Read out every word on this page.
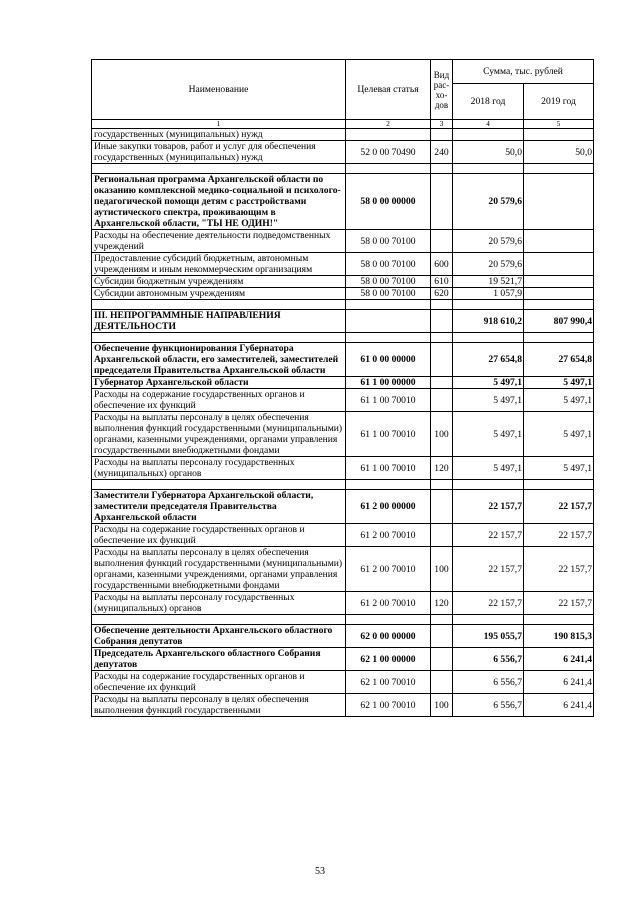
Наименование	Целевая статья	Вид рас-хо-дов	Сумма, тыс. рублей	
			2018 год	2019 год
1	2	3	4	5
государственных (муниципальных) нужд				
Иные закупки товаров, работ и услуг для обеспечения государственных (муниципальных) нужд	52 0 00 70490	240	50,0	50,0

Региональная программа Архангельской области по оказанию комплексной медико-социальной и психолого-педагогической помощи детям с расстройствами аутистического спектра, проживающим в Архангельской области, "ТЫ НЕ ОДИН!"	58 0 00 00000		20 579,6	
Расходы на обеспечение деятельности подведомственных учреждений	58 0 00 70100		20 579,6	
Предоставление субсидий бюджетным, автономным учреждениям и иным некоммерческим организациям	58 0 00 70100	600	20 579,6	
Субсидии бюджетным учреждениям	58 0 00 70100	610	19 521,7	
Субсидии автономным учреждениям	58 0 00 70100	620	1 057,9	

III. НЕПРОГРАММНЫЕ НАПРАВЛЕНИЯ ДЕЯТЕЛЬНОСТИ			918 610,2	807 990,4

Обеспечение функционирования Губернатора Архангельской области, его заместителей, заместителей председателя Правительства Архангельской области	61 0 00 00000		27 654,8	27 654,8
Губернатор Архангельской области	61 1 00 00000		5 497,1	5 497,1
Расходы на содержание государственных органов и обеспечение их функций	61 1 00 70010		5 497,1	5 497,1
Расходы на выплаты персоналу в целях обеспечения выполнения функций государственными (муниципальными) органами, казенными учреждениями, органами управления государственными внебюджетными фондами	61 1 00 70010	100	5 497,1	5 497,1
Расходы на выплаты персоналу государственных (муниципальных) органов	61 1 00 70010	120	5 497,1	5 497,1

Заместители Губернатора Архангельской области, заместители председателя Правительства Архангельской области	61 2 00 00000		22 157,7	22 157,7
Расходы на содержание государственных органов и обеспечение их функций	61 2 00 70010		22 157,7	22 157,7
Расходы на выплаты персоналу в целях обеспечения выполнения функций государственными (муниципальными) органами, казенными учреждениями, органами управления государственными внебюджетными фондами	61 2 00 70010	100	22 157,7	22 157,7
Расходы на выплаты персоналу государственных (муниципальных) органов	61 2 00 70010	120	22 157,7	22 157,7

Обеспечение деятельности Архангельского областного Собрания депутатов	62 0 00 00000		195 055,7	190 815,3
Председатель Архангельского областного Собрания депутатов	62 1 00 00000		6 556,7	6 241,4
Расходы на содержание государственных органов и обеспечение их функций	62 1 00 70010		6 556,7	6 241,4
Расходы на выплаты персоналу в целях обеспечения выполнения функций государственными	62 1 00 70010	100	6 556,7	6 241,4
53
